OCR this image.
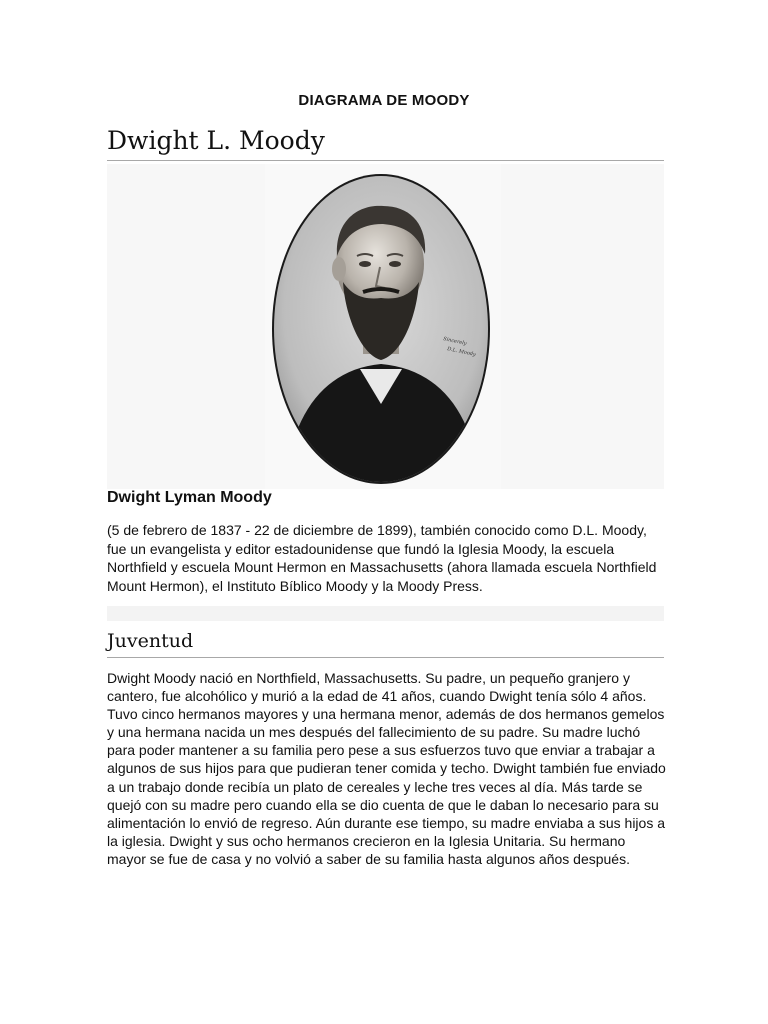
DIAGRAMA DE MOODY
Dwight L. Moody
Sincerely
D.L. Moody
Dwight Lyman Moody
(5 de febrero de 1837 - 22 de diciembre de 1899), también conocido como D.L. Moody, fue un evangelista y editor estadounidense que fundó la Iglesia Moody, la escuela Northfield y escuela Mount Hermon en Massachusetts (ahora llamada escuela Northfield Mount Hermon), el Instituto Bíblico Moody y la Moody Press.
Juventud
Dwight Moody nació en Northfield, Massachusetts. Su padre, un pequeño granjero y cantero, fue alcohólico y murió a la edad de 41 años, cuando Dwight tenía sólo 4 años. Tuvo cinco hermanos mayores y una hermana menor, además de dos hermanos gemelos y una hermana nacida un mes después del fallecimiento de su padre. Su madre luchó para poder mantener a su familia pero pese a sus esfuerzos tuvo que enviar a trabajar a algunos de sus hijos para que pudieran tener comida y techo. Dwight también fue enviado a un trabajo donde recibía un plato de cereales y leche tres veces al día. Más tarde se quejó con su madre pero cuando ella se dio cuenta de que le daban lo necesario para su alimentación lo envió de regreso. Aún durante ese tiempo, su madre enviaba a sus hijos a la iglesia. Dwight y sus ocho hermanos crecieron en la Iglesia Unitaria. Su hermano mayor se fue de casa y no volvió a saber de su familia hasta algunos años después.
